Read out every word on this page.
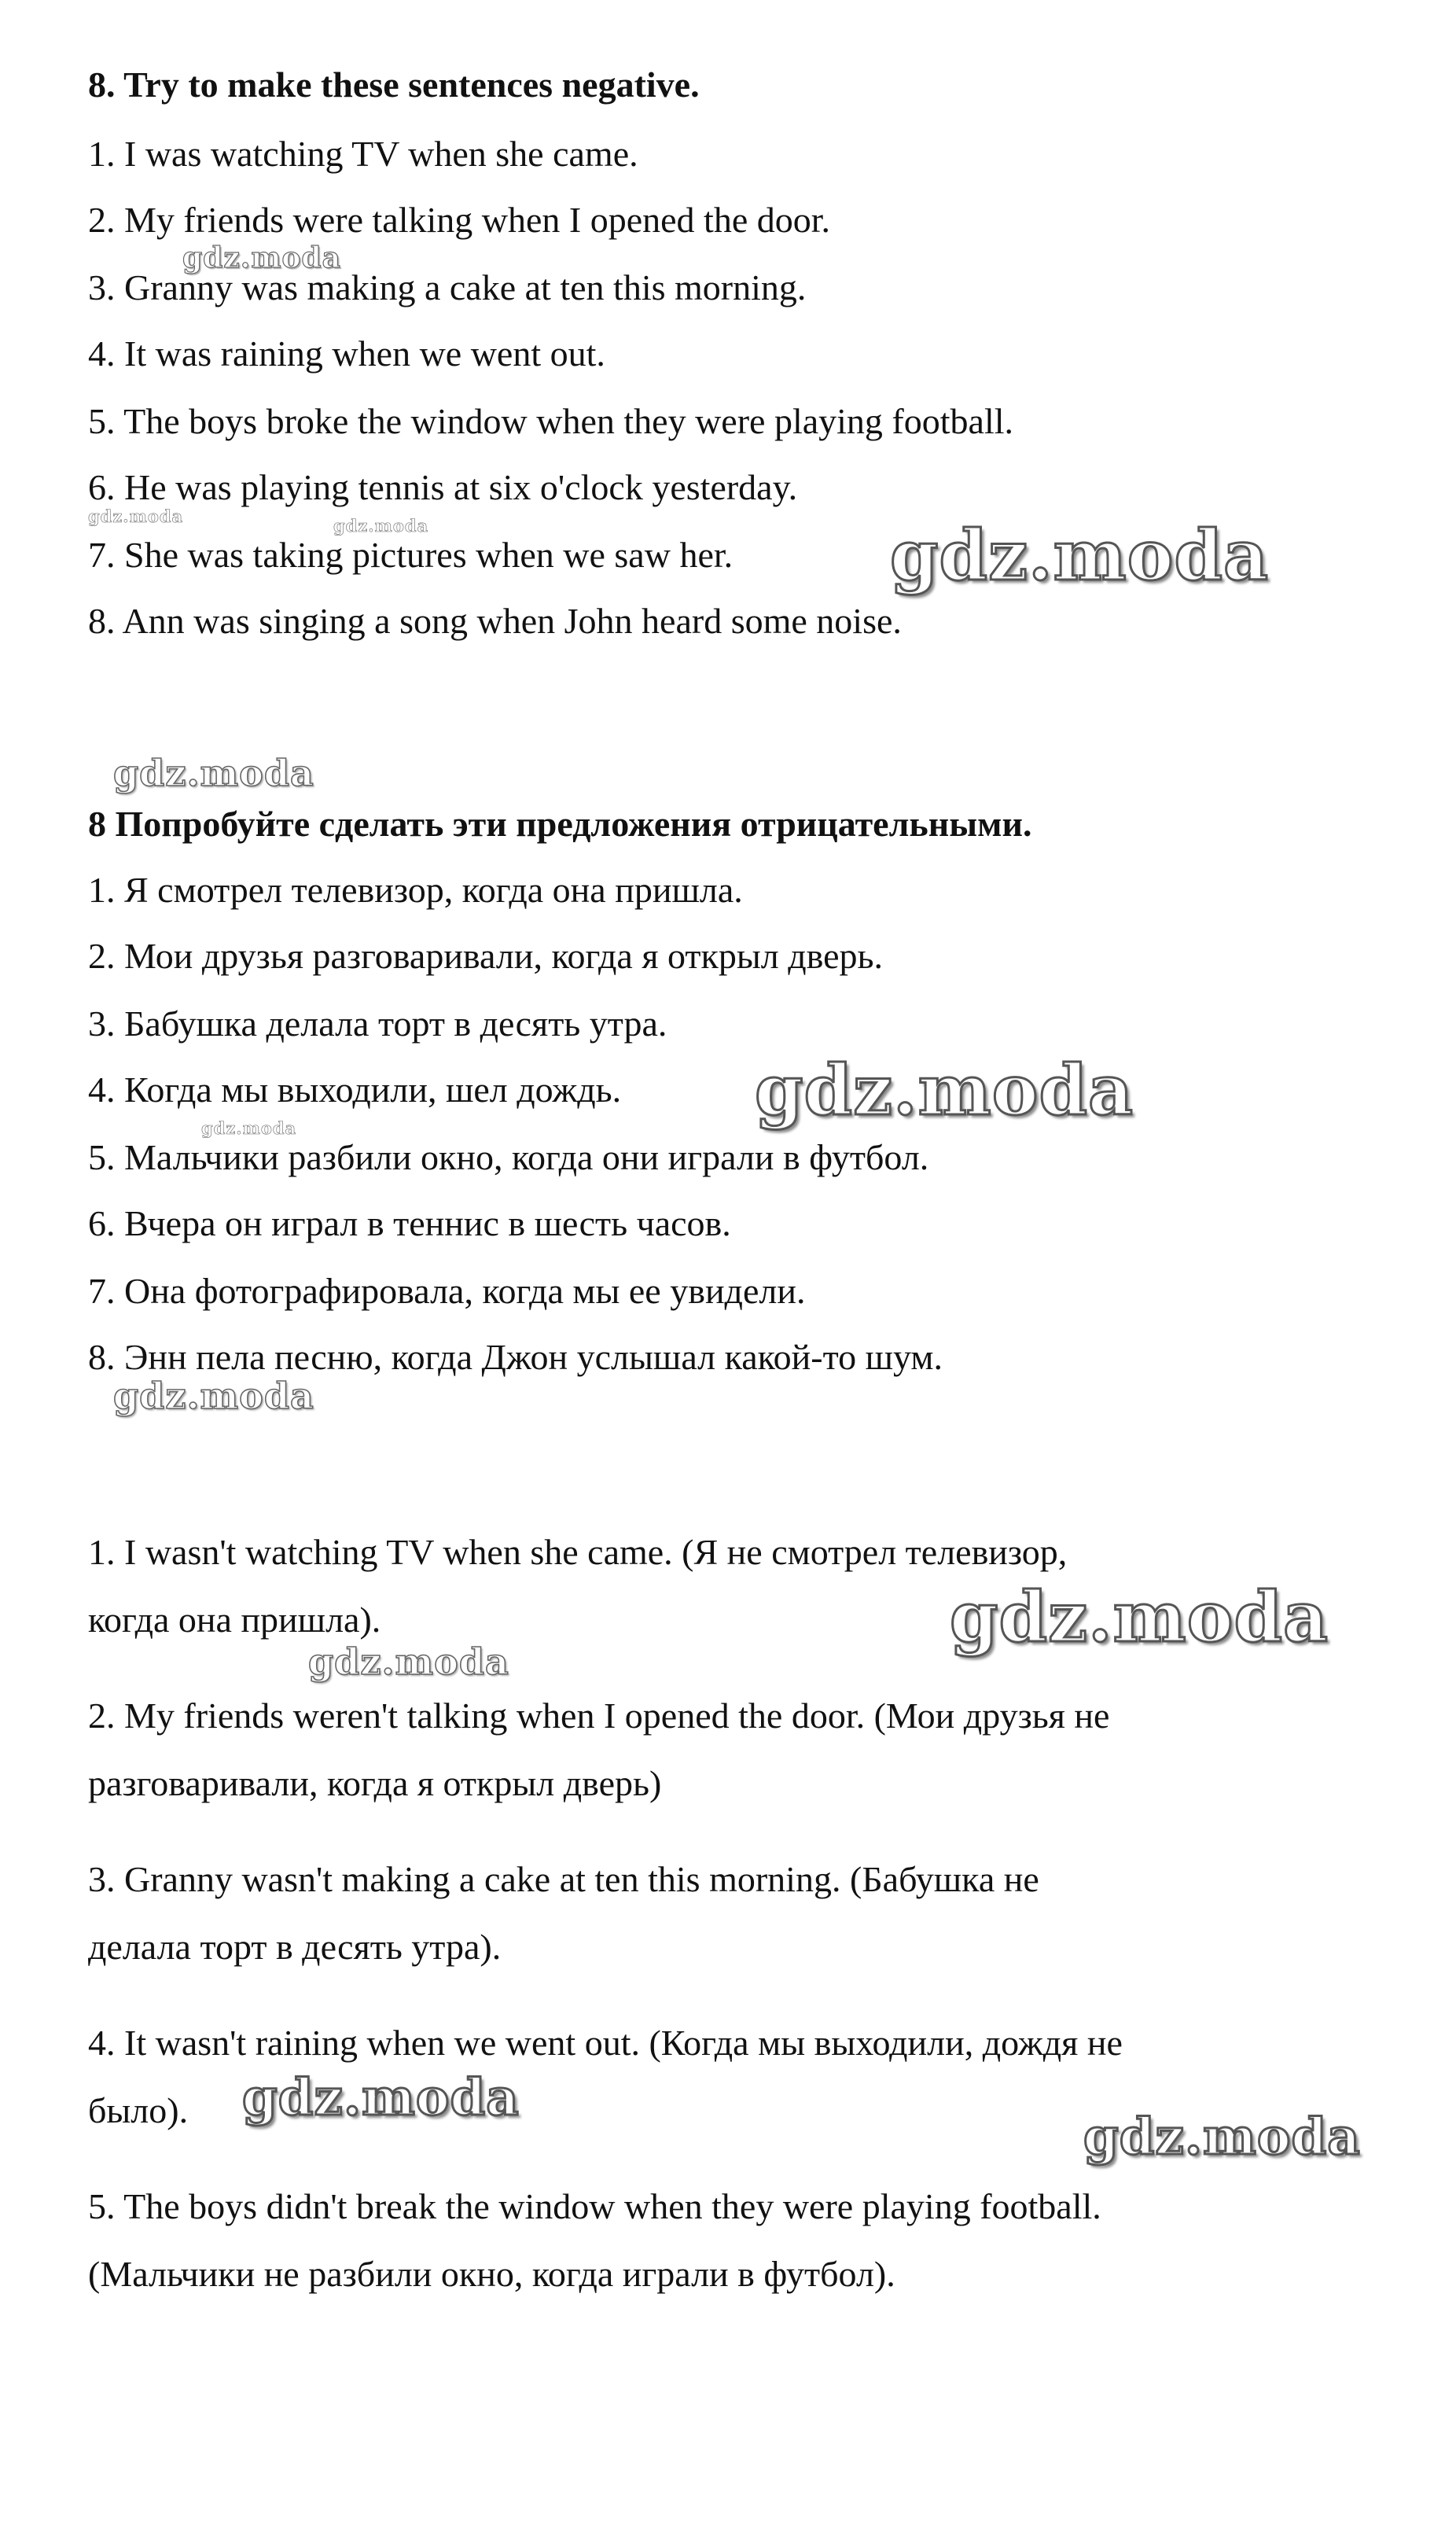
8. Try to make these sentences negative.
1. I was watching TV when she came.
2. My friends were talking when I opened the door.
3. Granny was making a cake at ten this morning.
4. It was raining when we went out.
5. The boys broke the window when they were playing football.
6. He was playing tennis at six o'clock yesterday.
7. She was taking pictures when we saw her.
8. Ann was singing a song when John heard some noise.
8 Попробуйте сделать эти предложения отрицательными.
1. Я смотрел телевизор, когда она пришла.
2. Мои друзья разговаривали, когда я открыл дверь.
3. Бабушка делала торт в десять утра.
4. Когда мы выходили, шел дождь.
5. Мальчики разбили окно, когда они играли в футбол.
6. Вчера он играл в теннис в шесть часов.
7. Она фотографировала, когда мы ее увидели.
8. Энн пела песню, когда Джон услышал какой-то шум.
1. I wasn't watching TV when she came. (Я не смотрел телевизор,
когда она пришла).
2. My friends weren't talking when I opened the door. (Мои друзья не
разговаривали, когда я открыл дверь)
3. Granny wasn't making a cake at ten this morning. (Бабушка не
делала торт в десять утра).
4. It wasn't raining when we went out. (Когда мы выходили, дождя не
было).
5. The boys didn't break the window when they were playing football.
(Мальчики не разбили окно, когда играли в футбол).
gdz.moda
gdz.moda	gdz.moda	gdz.moda
gdz.moda
gdz.moda
gdz.moda
gdz.moda
gdz.moda
gdz.moda
gdz.moda
gdz.moda
